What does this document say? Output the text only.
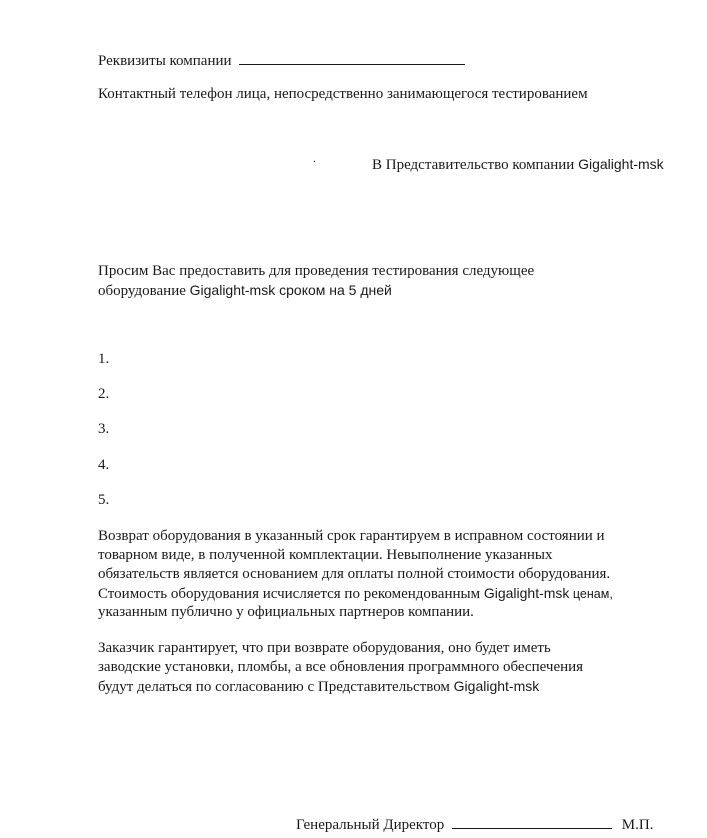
Реквизиты компании
Контактный телефон лица, непосредственно занимающегося тестированием
.	В Представительство компании Gigalight-msk
Просим Вас предоставить для проведения тестирования следующее
оборудование Gigalight-msk сроком на 5 дней
1.
2.
3.
4.
5.
Возврат оборудования в указанный срок гарантируем в исправном состоянии и
товарном виде, в полученной комплектации. Невыполнение указанных
обязательств является основанием для оплаты полной стоимости оборудования.
Стоимость оборудования исчисляется по рекомендованным Gigalight-msk ценам,
указанным публично у официальных партнеров компании.
Заказчик гарантирует, что при возврате оборудования, оно будет иметь
заводские установки, пломбы, а все обновления программного обеспечения
будут делаться по согласованию с Представительством Gigalight-msk
Генеральный Директор	М.П.
